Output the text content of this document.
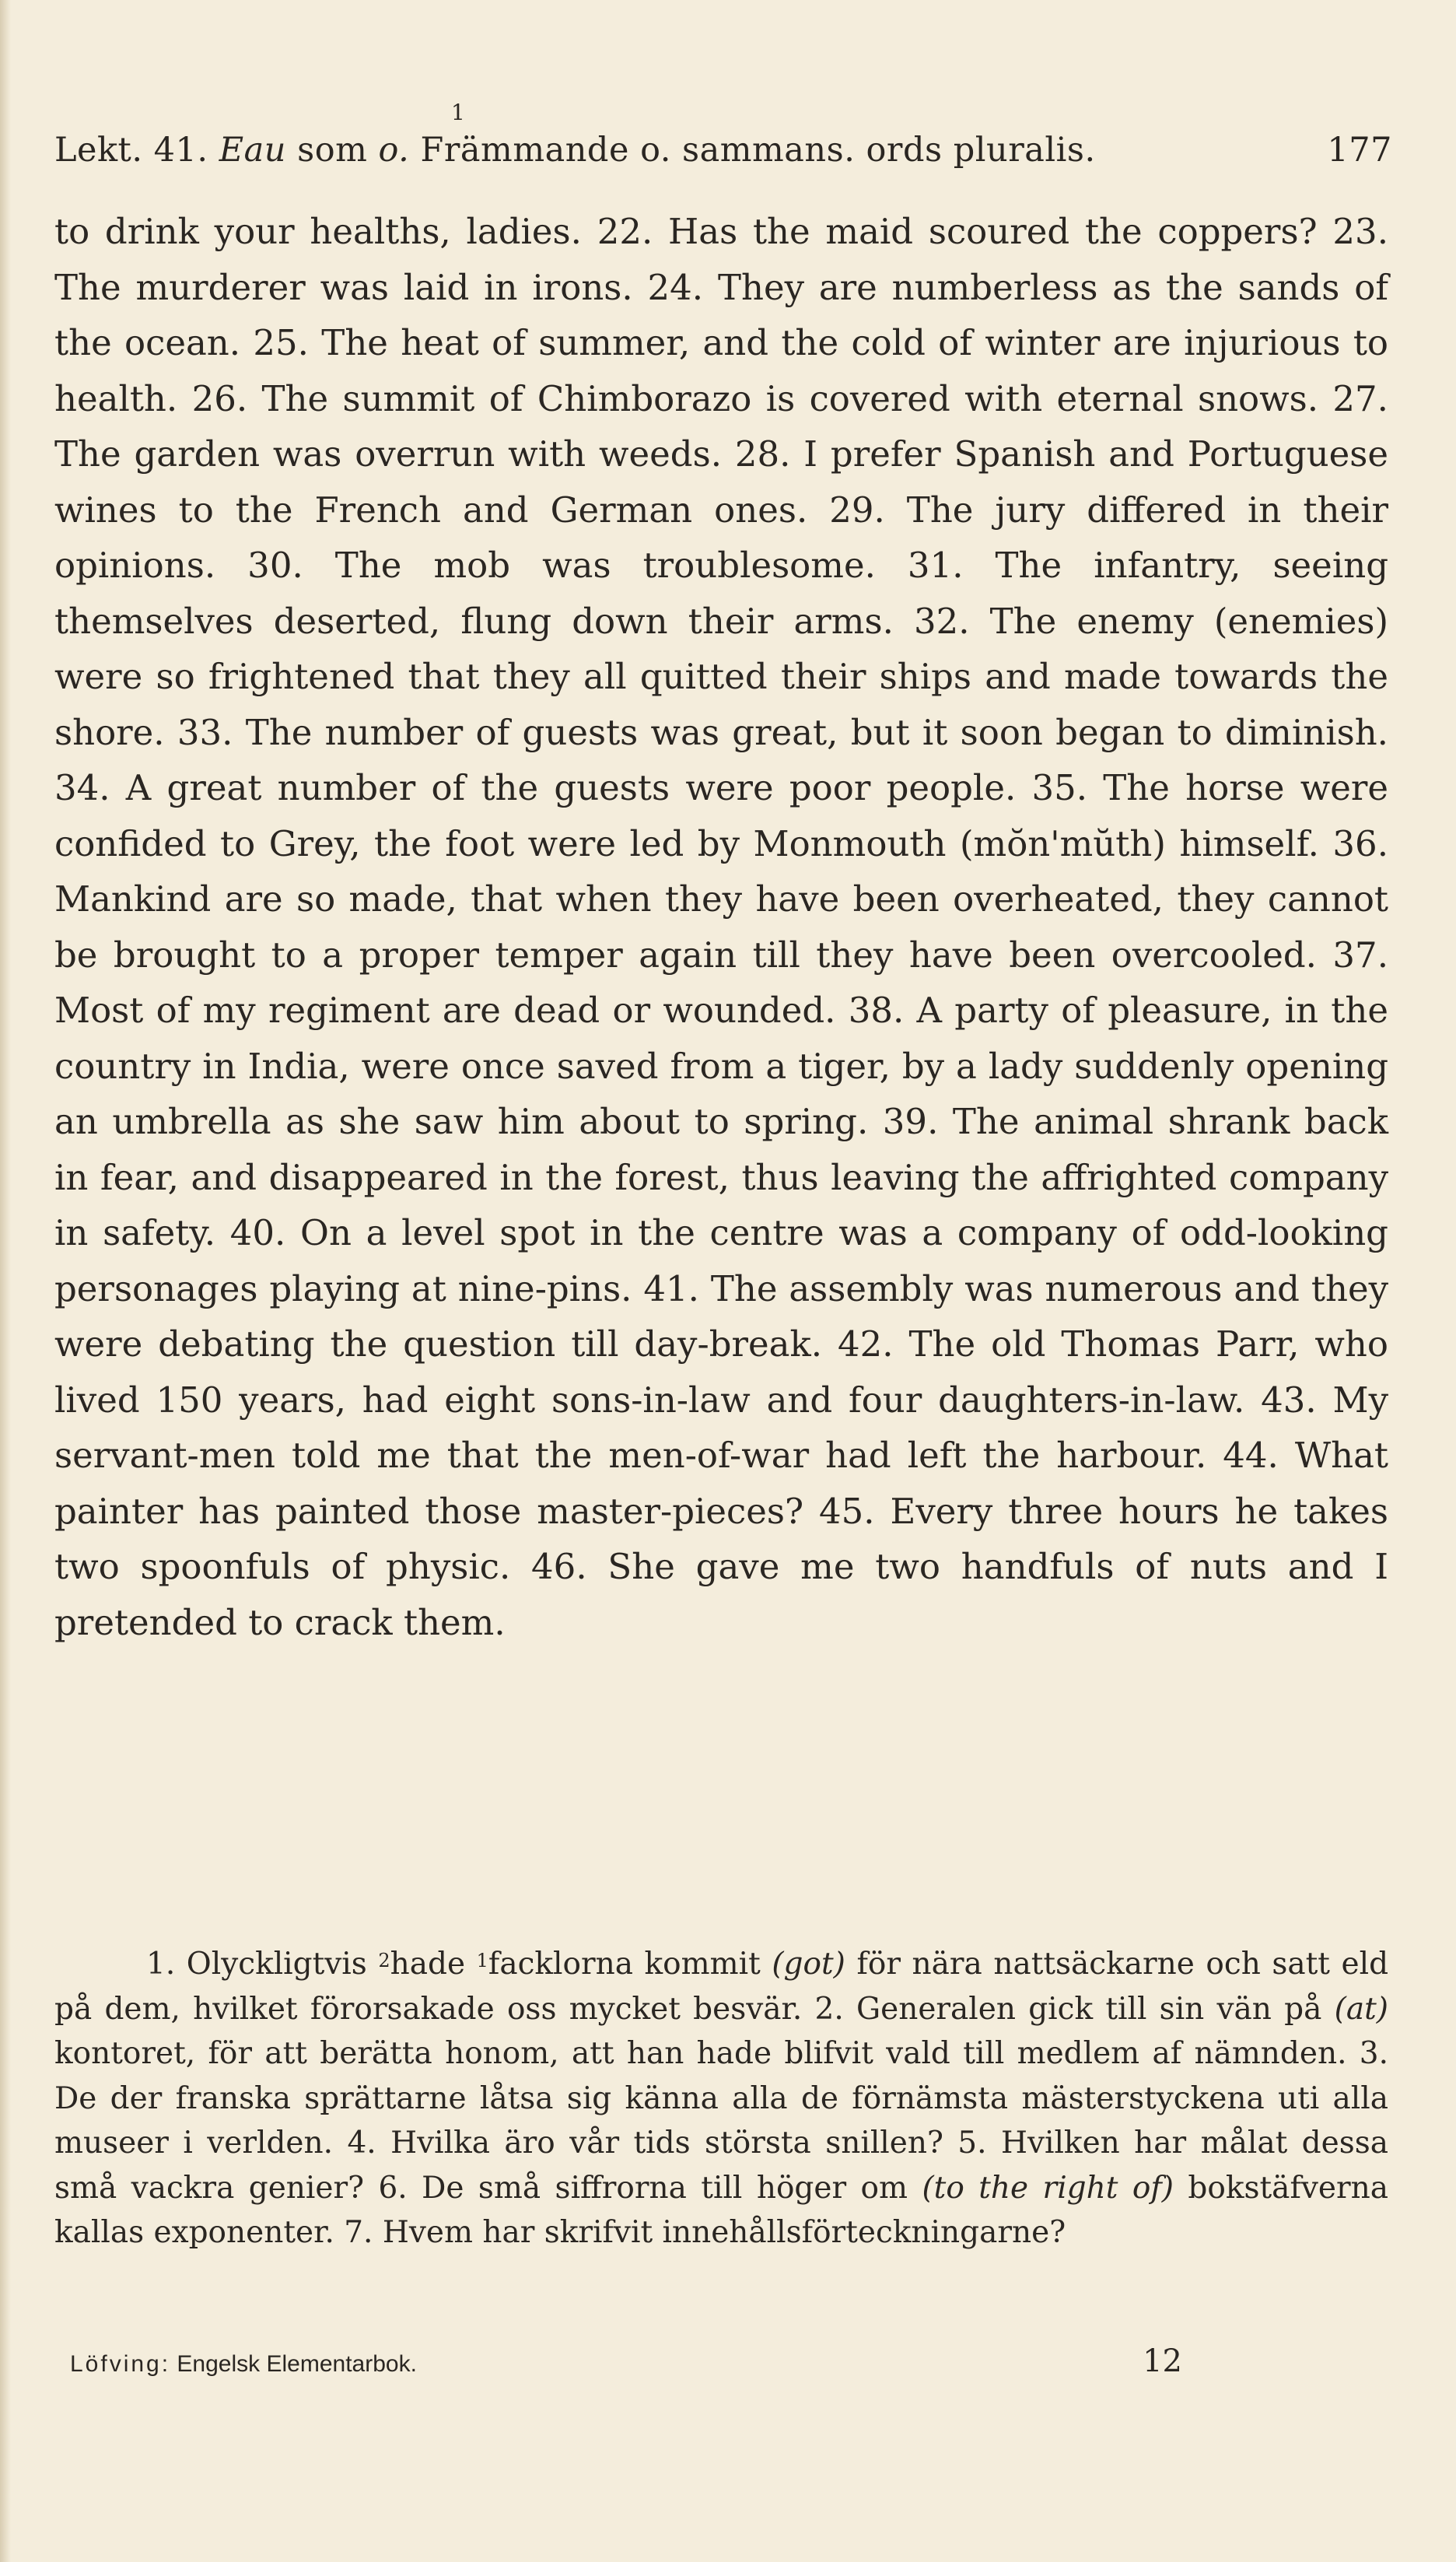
1
Lekt. 41. Eau som o. Främmande o. sammans. ords pluralis.	177

to drink your healths, ladies. 22. Has the maid scoured the coppers? 23. The murderer was laid in irons. 24. They are numberless as the sands of the ocean. 25. The heat of summer, and the cold of winter are injurious to health. 26. The summit of Chimborazo is covered with eternal snows. 27. The garden was overrun with weeds. 28. I prefer Spanish and Portuguese wines to the French and German ones. 29. The jury differed in their opinions. 30. The mob was troublesome. 31. The infantry, seeing themselves deserted, flung down their arms. 32. The enemy (enemies) were so frightened that they all quitted their ships and made towards the shore. 33. The number of guests was great, but it soon began to diminish. 34. A great number of the guests were poor people. 35. The horse were confided to Grey, the foot were led by Monmouth (mŏn'mŭth) himself. 36. Mankind are so made, that when they have been overheated, they cannot be brought to a proper temper again till they have been overcooled. 37. Most of my regiment are dead or wounded. 38. A party of pleasure, in the country in India, were once saved from a tiger, by a lady suddenly opening an umbrella as she saw him about to spring. 39. The animal shrank back in fear, and disappeared in the forest, thus leaving the affrighted company in safety. 40. On a level spot in the centre was a company of odd-looking personages playing at nine-pins. 41. The assembly was numerous and they were debating the question till day-break. 42. The old Thomas Parr, who lived 150 years, had eight sons-in-law and four daughters-in-law. 43. My servant-men told me that the men-of-war had left the harbour. 44. What painter has painted those master-pieces? 45. Every three hours he takes two spoonfuls of physic. 46. She gave me two handfuls of nuts and I pretended to crack them.

1. Olyckligtvis $^2$hade $^1$facklorna kommit (got) för nära nattsäckarne och satt eld på dem, hvilket förorsakade oss mycket besvär. 2. Generalen gick till sin vän på (at) kontoret, för att berätta honom, att han hade blifvit vald till medlem af nämnden. 3. De der franska sprättarne låtsa sig känna alla de förnämsta mästerstyckena uti alla museer i verlden. 4. Hvilka äro vår tids största snillen? 5. Hvilken har målat dessa små vackra genier? 6. De små siffrorna till höger om (to the right of) bokstäfverna kallas exponenter. 7. Hvem har skrifvit innehållsförteckningarne?

Löfving: Engelsk Elementarbok.	12
